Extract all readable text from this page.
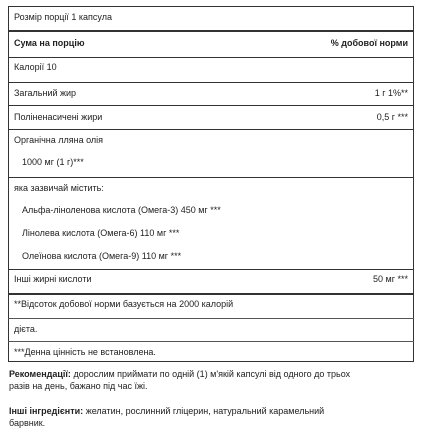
Розмір порції 1 капсула
Сума на порцію	% добової норми
Калорії 10
Загальний жир	1 г 1%**
Поліненасичені жири	0,5 г ***
Органічна лляна олія
1000 мг (1 г)***
яка зазвичай містить:
Альфа-ліноленова кислота (Омега-3) 450 мг ***
Лінолева кислота (Омега-6) 110 мг ***
Олеїнова кислота (Омега-9) 110 мг ***
Інші жирні кислоти	50 мг ***
**Відсоток добової норми базується на 2000 калорій
дієта.
***Денна цінність не встановлена.
Рекомендації: дорослим приймати по одній (1) м'якій капсулі від одного до трьох
разів на день, бажано під час їжі.
Інші інгредієнти: желатин, рослинний гліцерин, натуральний карамельний
барвник.
